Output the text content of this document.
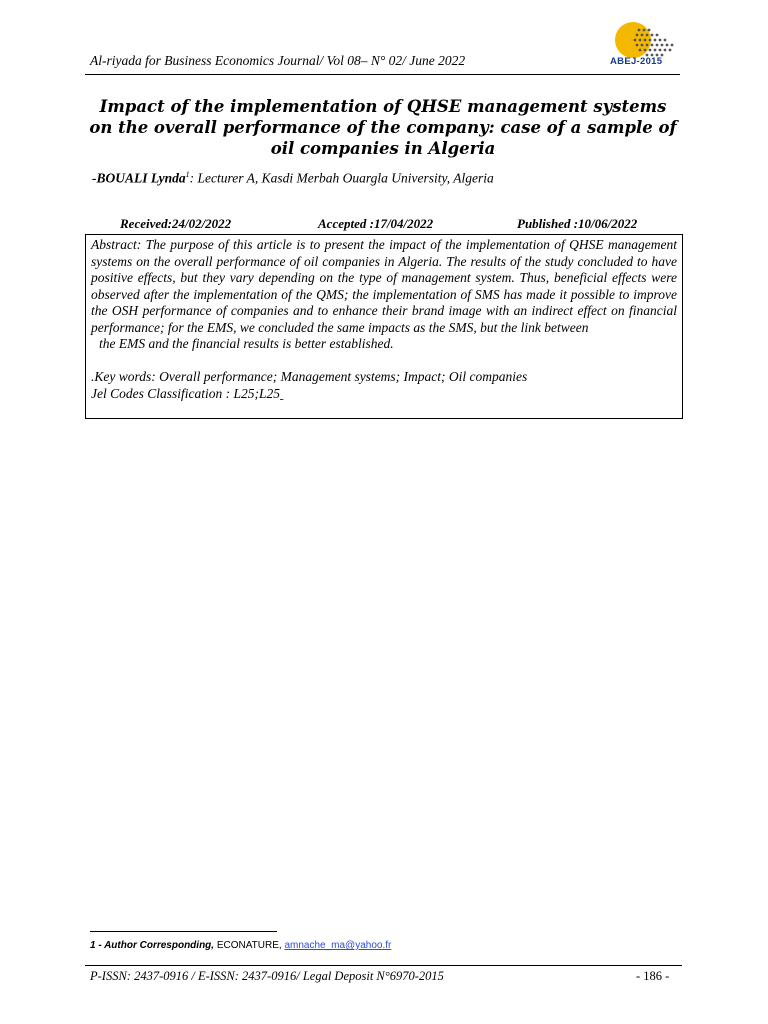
Al-riyada for Business Economics Journal/ Vol 08– N° 02/ June 2022	ABEJ-2015
Impact of the implementation of QHSE management systems on the overall performance of the company: case of a sample of oil companies in Algeria
-BOUALI Lynda$^1$: Lecturer A, Kasdi Merbah Ouargla University, Algeria
Received:24/02/2022	Accepted :17/04/2022	Published :10/06/2022
Abstract: The purpose of this article is to present the impact of the implementation of QHSE management systems on the overall performance of oil companies in Algeria. The results of the study concluded to have positive effects, but they vary depending on the type of management system. Thus, beneficial effects were observed after the implementation of the QMS; the implementation of SMS has made it possible to improve the OSH performance of companies and to enhance their brand image with an indirect effect on financial performance; for the EMS, we concluded the same impacts as the SMS, but the link between
the EMS and the financial results is better established.
.Key words: Overall performance; Management systems; Impact; Oil companies
Jel Codes Classification : L25;L25
1 - Author Corresponding, ECONATURE, amnache_ma@yahoo.fr
P-ISSN: 2437-0916 / E-ISSN: 2437-0916/ Legal Deposit N°6970-2015	- 186 -
